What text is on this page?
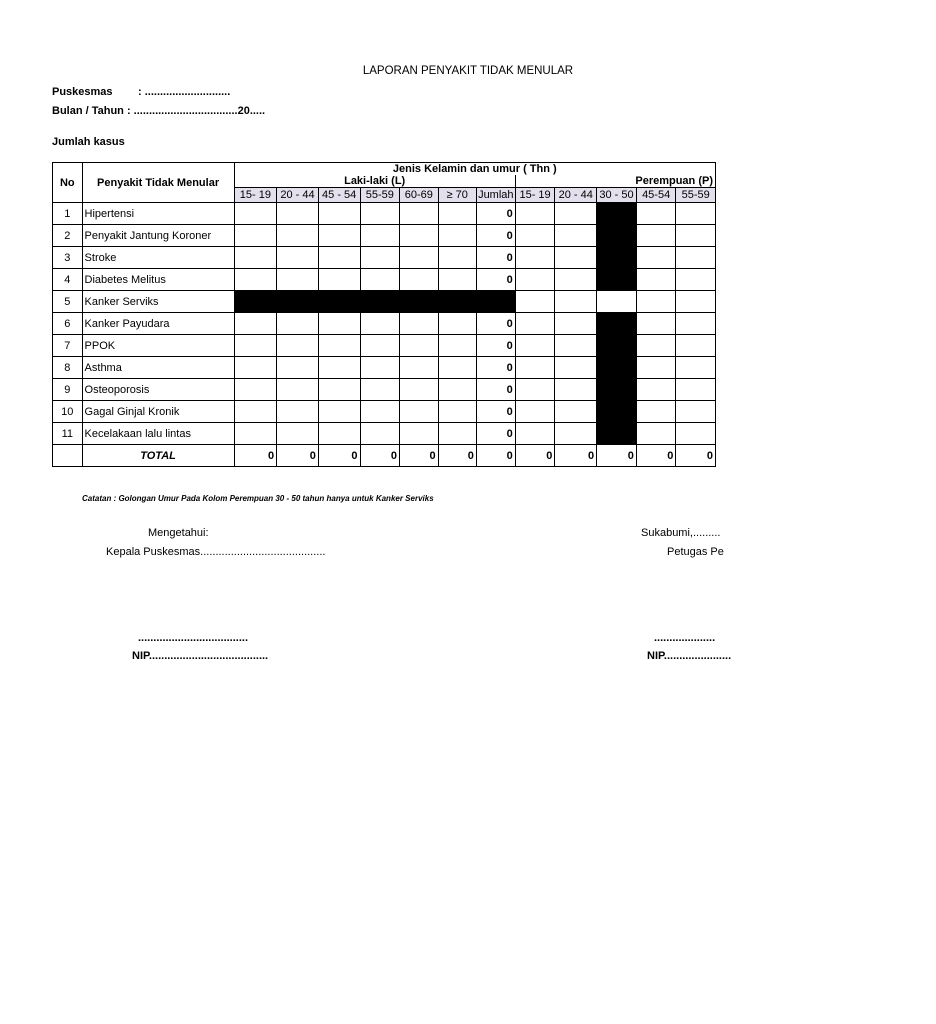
LAPORAN PENYAKIT TIDAK MENULAR
Puskesmas : ............................
Bulan / Tahun : ..................................20.....
Jumlah kasus
No	Penyakit Tidak Menular	Jenis Kelamin dan umur ( Thn )											
		Laki-laki (L)							Perempuan (P)				
		15- 19	20 - 44	45 - 54	55-59	60-69	≥ 70	Jumlah	15- 19	20 - 44	30 - 50	45-54	55-59
1	Hipertensi							0					
2	Penyakit Jantung Koroner							0					
3	Stroke							0					
4	Diabetes Melitus							0					
5	Kanker Serviks												
6	Kanker Payudara							0					
7	PPOK							0					
8	Asthma							0					
9	Osteoporosis							0					
10	Gagal Ginjal Kronik							0					
11	Kecelakaan lalu lintas							0					
	TOTAL	0	0	0	0	0	0	0	0	0	0	0	0
Catatan : Golongan Umur Pada Kolom Perempuan 30 - 50 tahun hanya untuk Kanker Serviks
Mengetahui:
Kepala Puskesmas.........................................
Sukabumi,.........
Petugas Pe
....................................
NIP.......................................
....................
NIP......................
